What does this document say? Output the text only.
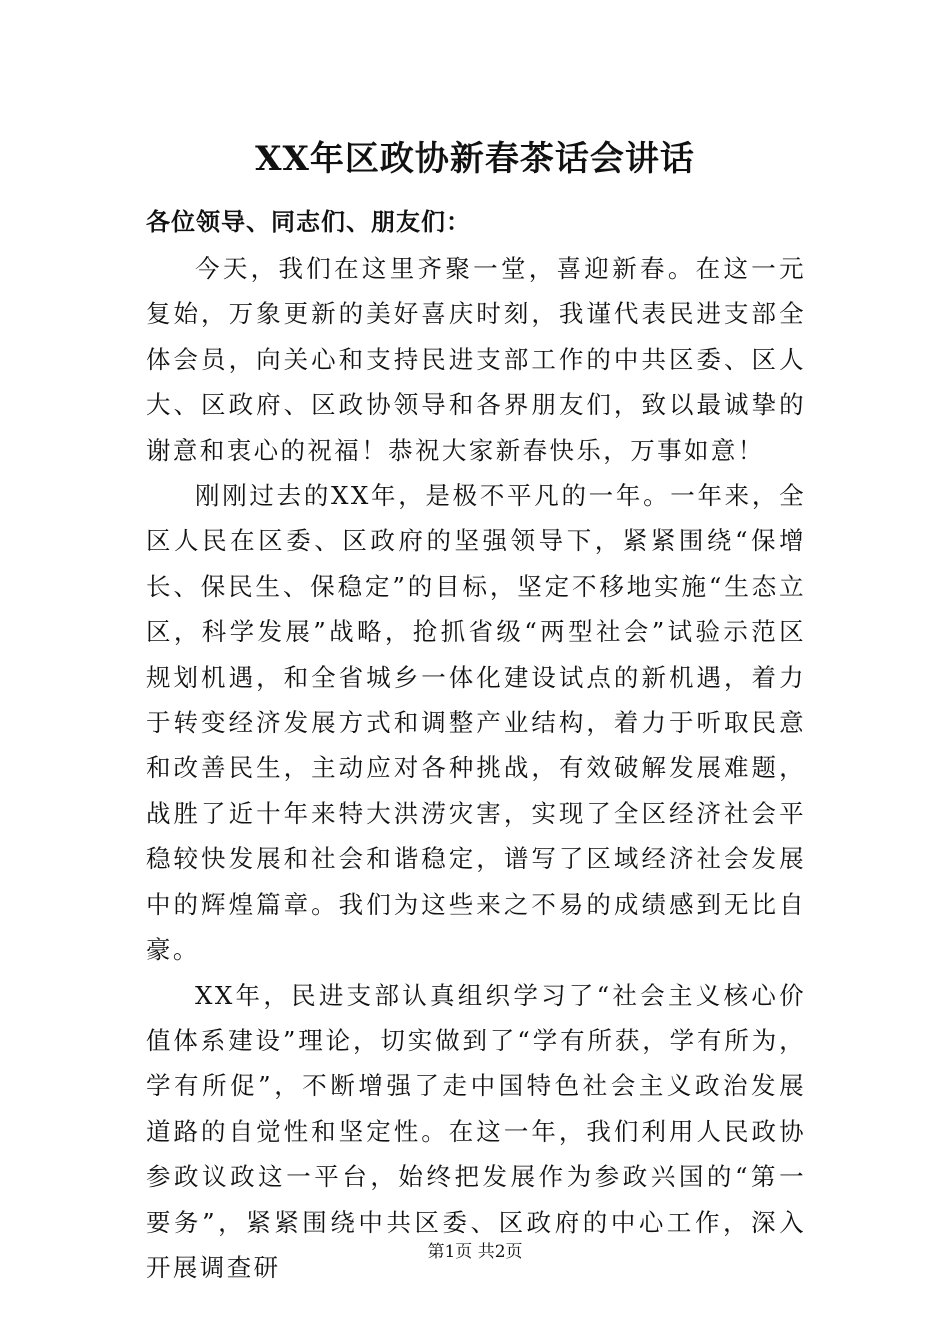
XX年区政协新春茶话会讲话
各位领导、同志们、朋友们：

今天，我们在这里齐聚一堂，喜迎新春。在这一元复始，万象更新的美好喜庆时刻，我谨代表民进支部全体会员，向关心和支持民进支部工作的中共区委、区人大、区政府、区政协领导和各界朋友们，致以最诚挚的谢意和衷心的祝福！恭祝大家新春快乐，万事如意！

刚刚过去的XX年，是极不平凡的一年。一年来，全区人民在区委、区政府的坚强领导下，紧紧围绕“保增长、保民生、保稳定”的目标，坚定不移地实施“生态立区，科学发展”战略，抢抓省级“两型社会”试验示范区规划机遇，和全省城乡一体化建设试点的新机遇，着力于转变经济发展方式和调整产业结构，着力于听取民意和改善民生，主动应对各种挑战，有效破解发展难题，战胜了近十年来特大洪涝灾害，实现了全区经济社会平稳较快发展和社会和谐稳定，谱写了区域经济社会发展中的辉煌篇章。我们为这些来之不易的成绩感到无比自豪。

XX年，民进支部认真组织学习了“社会主义核心价值体系建设”理论，切实做到了“学有所获，学有所为，学有所促”，不断增强了走中国特色社会主义政治发展道路的自觉性和坚定性。在这一年，我们利用人民政协参政议政这一平台，始终把发展作为参政兴国的“第一要务”，紧紧围绕中共区委、区政府的中心工作，深入开展调查研

第1页 共2页
